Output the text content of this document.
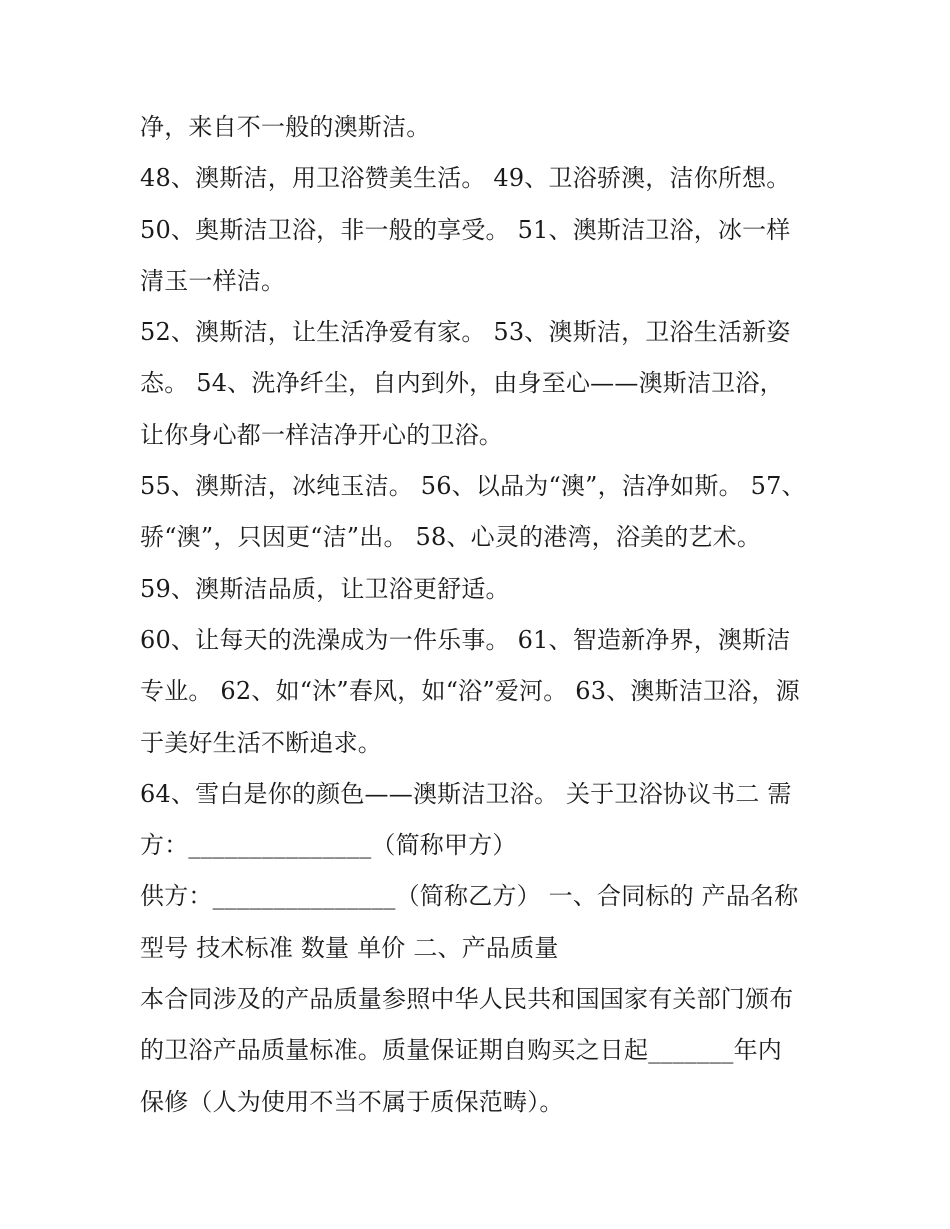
净，来自不一般的澳斯洁。

48、澳斯洁，用卫浴赞美生活。 49、卫浴骄澳，洁你所想。

50、奥斯洁卫浴，非一般的享受。 51、澳斯洁卫浴，冰一样

清玉一样洁。

52、澳斯洁，让生活净爱有家。 53、澳斯洁，卫浴生活新姿

态。 54、洗净纤尘，自内到外，由身至心——澳斯洁卫浴，

让你身心都一样洁净开心的卫浴。

55、澳斯洁，冰纯玉洁。 56、以品为“澳”，洁净如斯。 57、

骄“澳”，只因更“洁”出。 58、心灵的港湾，浴美的艺术。

59、澳斯洁品质，让卫浴更舒适。

60、让每天的洗澡成为一件乐事。 61、智造新净界，澳斯洁

专业。 62、如“沐”春风，如“浴”爱河。 63、澳斯洁卫浴，源

于美好生活不断追求。

64、雪白是你的颜色——澳斯洁卫浴。 关于卫浴协议书二 需

方：_______________（简称甲方）

供方：_______________（简称乙方） 一、合同标的 产品名称

型号 技术标准 数量 单价 二、产品质量

本合同涉及的产品质量参照中华人民共和国国家有关部门颁布

的卫浴产品质量标准。质量保证期自购买之日起_______年内

保修（人为使用不当不属于质保范畴）。
